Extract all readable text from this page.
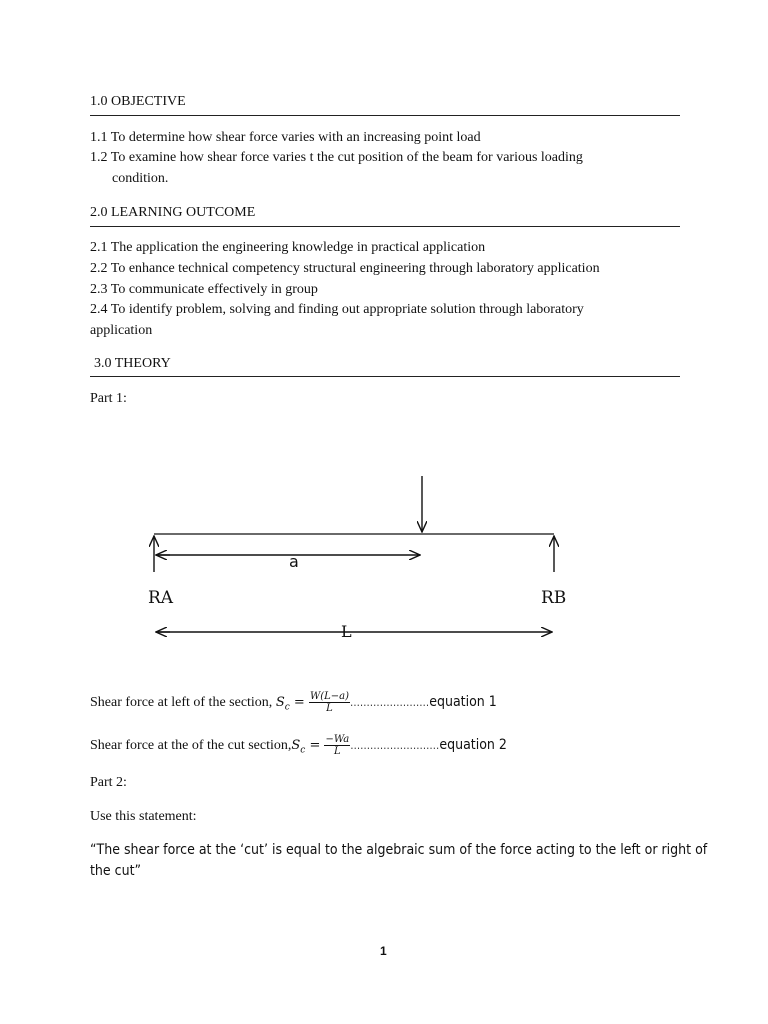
1.0 OBJECTIVE
1.1 To determine how shear force varies with an increasing point load
1.2 To examine how shear force varies t the cut position of the beam for various loading
condition.
2.0 LEARNING OUTCOME
2.1 The application the engineering knowledge in practical application
2.2 To enhance technical competency structural engineering through laboratory application
2.3 To communicate effectively in group
2.4 To identify problem, solving and finding out appropriate solution through laboratory
application
3.0 THEORY
Part 1:
a
RA	RB
L
Shear force at left of the section, $S_c = \frac{W(L-a)}{L}$ ……………………equation 1
Shear force at the of the cut $section,S_c = \frac{-Wa}{L}$ ………………………equation 2
Part 2:
Use this statement:
“The shear force at the ‘cut’ is equal to the algebraic sum of the force acting to the left or right of
the cut”
1
